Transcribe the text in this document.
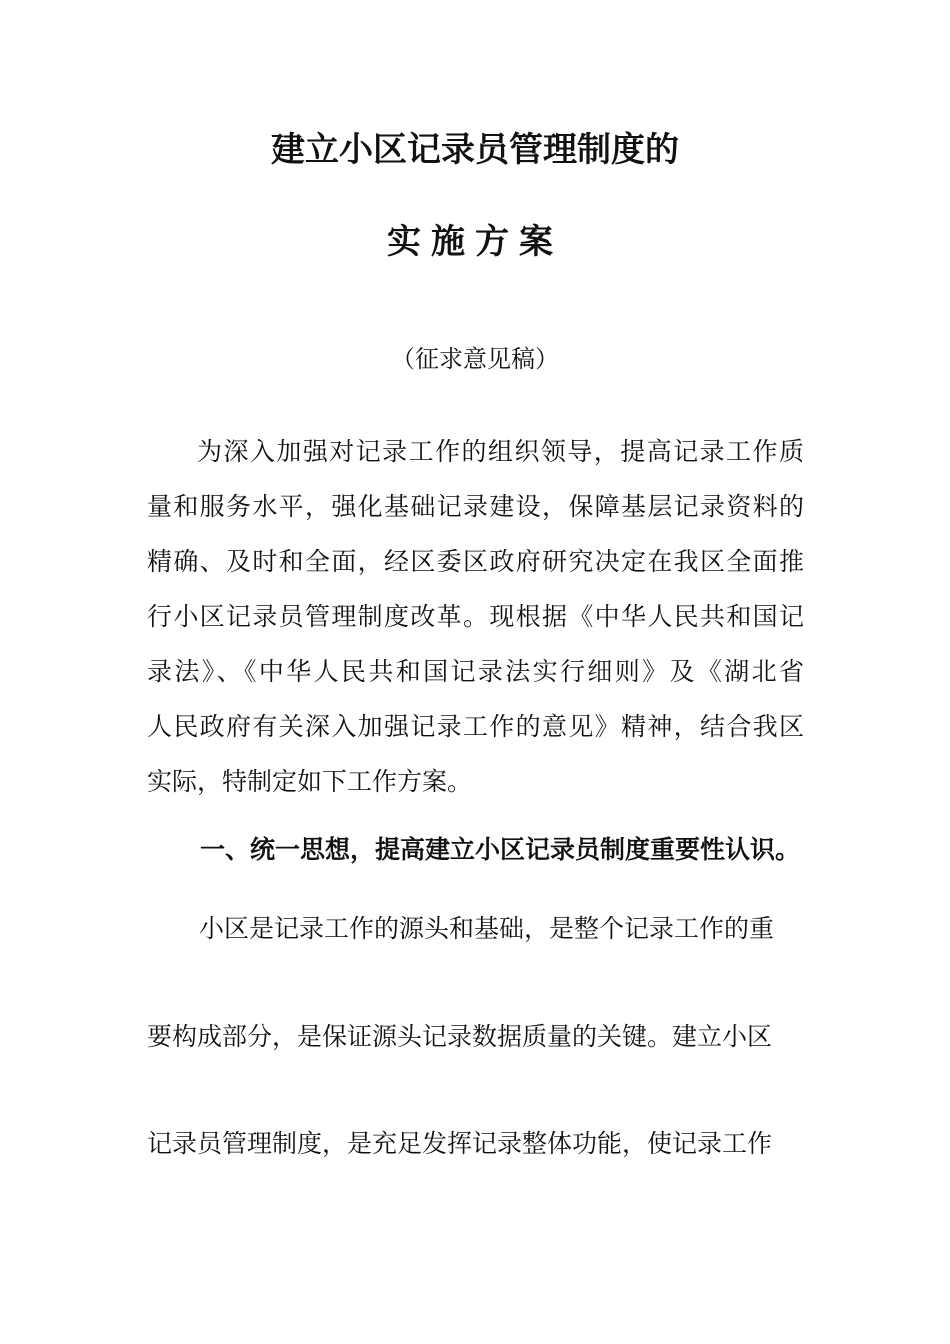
建立小区记录员管理制度的
实施方案
（征求意见稿）
为深入加强对记录工作的组织领导，提高记录工作质
量和服务水平，强化基础记录建设，保障基层记录资料的
精确、及时和全面，经区委区政府研究决定在我区全面推
行小区记录员管理制度改革。现根据《中华人民共和国记
录法》、《中华人民共和国记录法实行细则》及《湖北省
人民政府有关深入加强记录工作的意见》精神，结合我区
实际，特制定如下工作方案。
一、统一思想，提高建立小区记录员制度重要性认识。
小区是记录工作的源头和基础，是整个记录工作的重
要构成部分，是保证源头记录数据质量的关键。建立小区
记录员管理制度，是充足发挥记录整体功能，使记录工作
